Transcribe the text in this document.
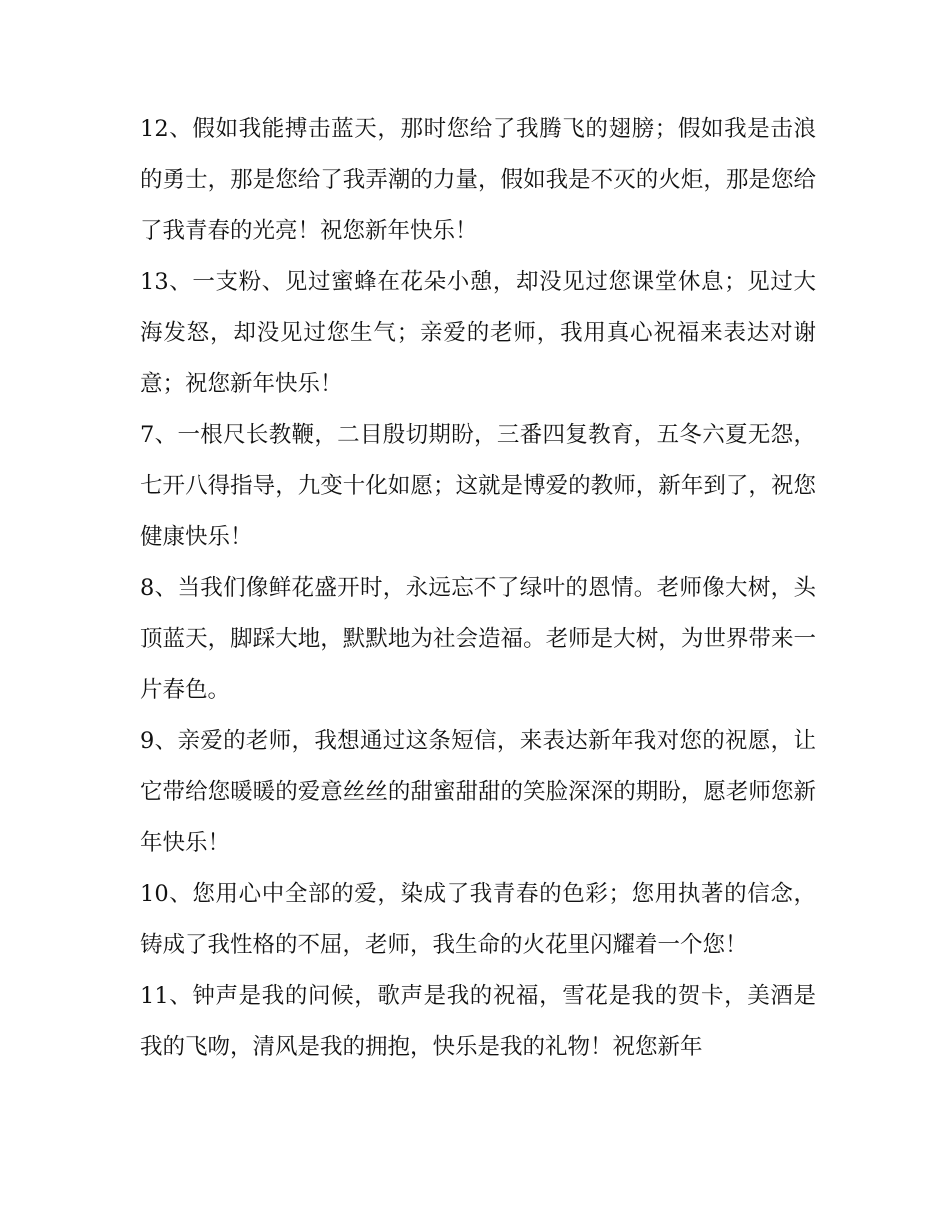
12、假如我能搏击蓝天，那时您给了我腾飞的翅膀；假如我是击浪的勇士，那是您给了我弄潮的力量，假如我是不灭的火炬，那是您给了我青春的光亮！祝您新年快乐！

13、一支粉、见过蜜蜂在花朵小憩，却没见过您课堂休息；见过大海发怒，却没见过您生气；亲爱的老师，我用真心祝福来表达对谢意；祝您新年快乐！

7、一根尺长教鞭，二目殷切期盼，三番四复教育，五冬六夏无怨，七开八得指导，九变十化如愿；这就是博爱的教师，新年到了，祝您健康快乐！

8、当我们像鲜花盛开时，永远忘不了绿叶的恩情。老师像大树，头顶蓝天，脚踩大地，默默地为社会造福。老师是大树，为世界带来一片春色。

9、亲爱的老师，我想通过这条短信，来表达新年我对您的祝愿，让它带给您暖暖的爱意丝丝的甜蜜甜甜的笑脸深深的期盼，愿老师您新年快乐！

10、您用心中全部的爱，染成了我青春的色彩；您用执著的信念，铸成了我性格的不屈，老师，我生命的火花里闪耀着一个您！

11、钟声是我的问候，歌声是我的祝福，雪花是我的贺卡，美酒是我的飞吻，清风是我的拥抱，快乐是我的礼物！祝您新年
